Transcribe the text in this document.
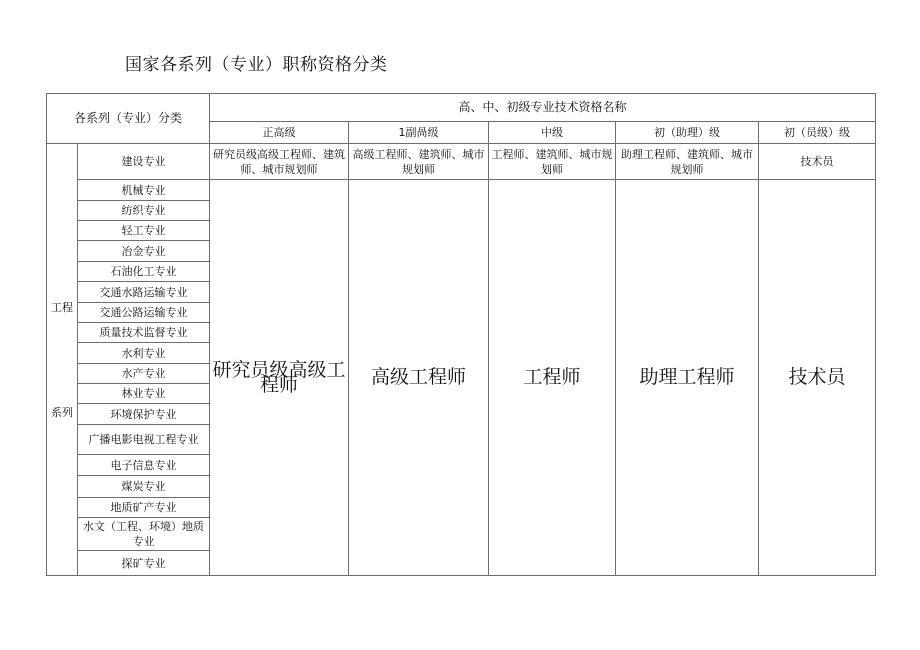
国家各系列（专业）职称资格分类
各系列（专业）分类		高、中、初级专业技术资格名称				
		正高级	1副咼级	中级	初（助理）级	初（员级）级

工程
系列	建设专业	研究员级高级工程师、建筑师、城市规划师	高级工程师、建筑师、城市规划师	工程师、建筑师、城市规划师	助理工程师、建筑师、城市规划师	技术员
	机械专业	研究员级高级工程师	高级工程师	工程师	助理工程师	技术员
	纺织专业					
	轻工专业					
	冶金专业					
	石油化工专业					
	交通水路运输专业					
	交通公路运输专业					
	质量技术监督专业					
	水利专业					
	水产专业					
	林业专业					
	环境保护专业					
	广播电影电视工程专业					
	电子信息专业					
	煤炭专业					
	地质矿产专业					
	水文（工程、环境）地质专业					
	探矿专业					
